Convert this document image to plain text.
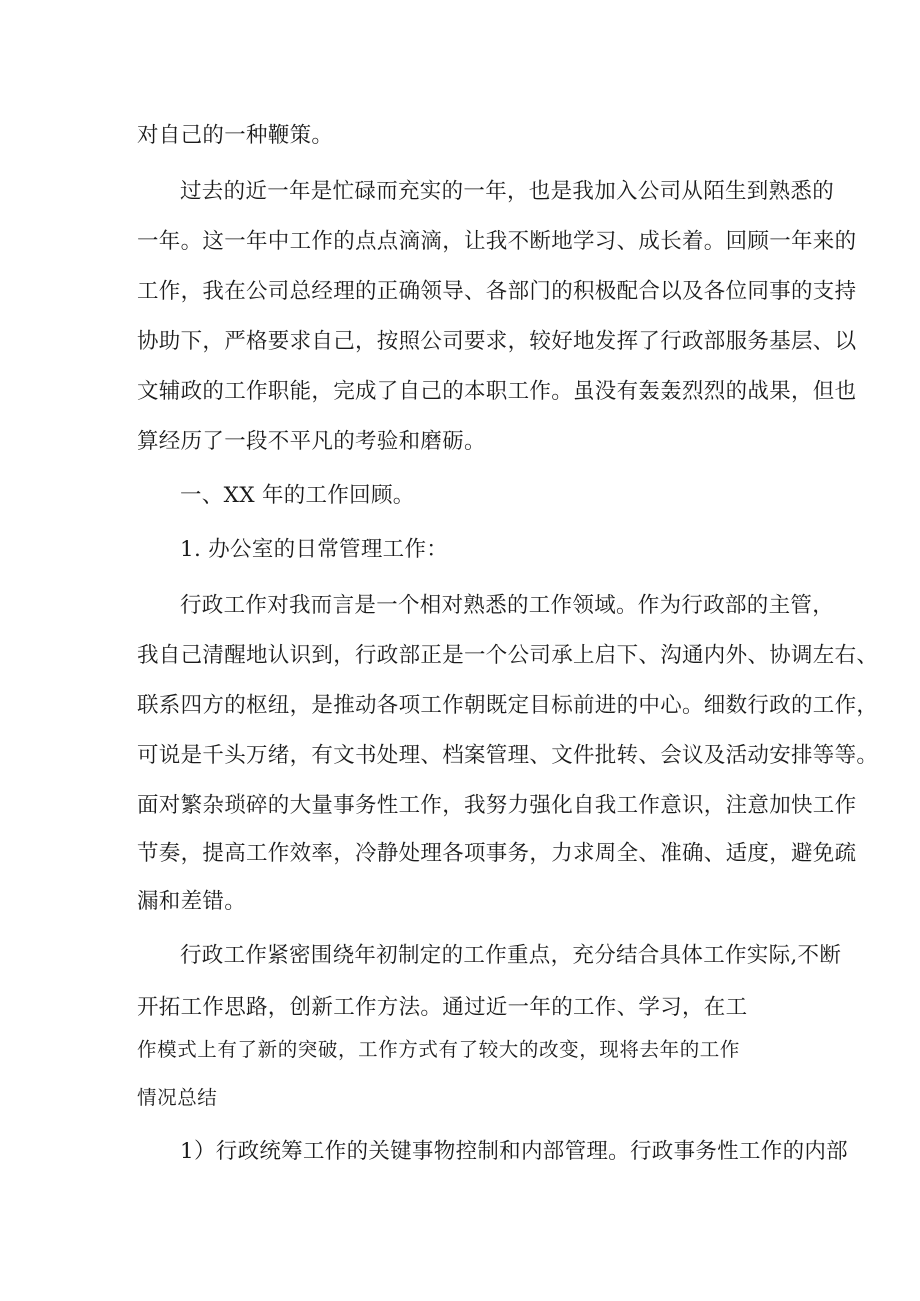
对自己的一种鞭策。
过去的近一年是忙碌而充实的一年，也是我加入公司从陌生到熟悉的
一年。这一年中工作的点点滴滴，让我不断地学习、成长着。回顾一年来的
工作，我在公司总经理的正确领导、各部门的积极配合以及各位同事的支持
协助下，严格要求自己，按照公司要求，较好地发挥了行政部服务基层、以
文辅政的工作职能，完成了自己的本职工作。虽没有轰轰烈烈的战果，但也
算经历了一段不平凡的考验和磨砺。
一、XX 年的工作回顾。
1. 办公室的日常管理工作：
行政工作对我而言是一个相对熟悉的工作领域。作为行政部的主管，
我自己清醒地认识到，行政部正是一个公司承上启下、沟通内外、协调左右、
联系四方的枢纽，是推动各项工作朝既定目标前进的中心。细数行政的工作，
可说是千头万绪，有文书处理、档案管理、文件批转、会议及活动安排等等。
面对繁杂琐碎的大量事务性工作，我努力强化自我工作意识，注意加快工作
节奏，提高工作效率，冷静处理各项事务，力求周全、准确、适度，避免疏
漏和差错。
行政工作紧密围绕年初制定的工作重点，充分结合具体工作实际,不断
开拓工作思路，创新工作方法。通过近一年的工作、学习，在工
作模式上有了新的突破，工作方式有了较大的改变，现将去年的工作
情况总结
1）行政统筹工作的关键事物控制和内部管理。行政事务性工作的内部
